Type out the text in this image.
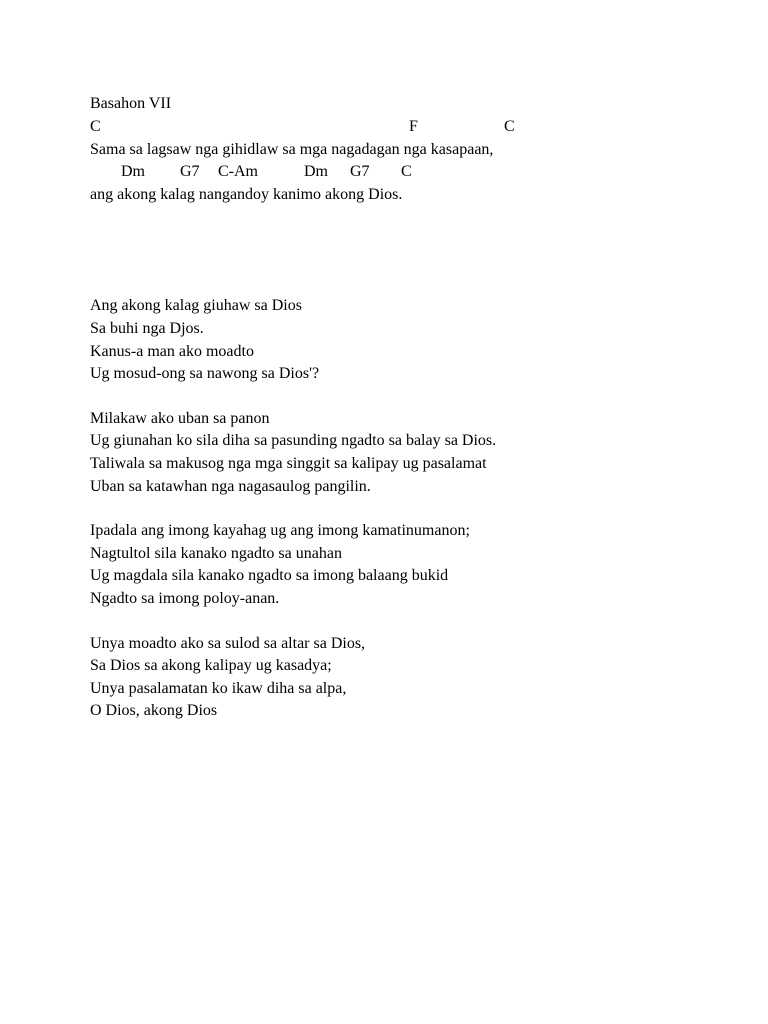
Basahon VII
C	F	C
Sama sa lagsaw nga gihidlaw sa mga nagadagan nga kasapaan,
Dm G7 C-Am	Dm G7 C
ang akong kalag nangandoy kanimo akong Dios.
Ang akong kalag giuhaw sa Dios
Sa buhi nga Djos.
Kanus-a man ako moadto
Ug mosud-ong sa nawong sa Dios'?
Milakaw ako uban sa panon
Ug giunahan ko sila diha sa pasunding ngadto sa balay sa Dios.
Taliwala sa makusog nga mga singgit sa kalipay ug pasalamat
Uban sa katawhan nga nagasaulog pangilin.
Ipadala ang imong kayahag ug ang imong kamatinumanon;
Nagtultol sila kanako ngadto sa unahan
Ug magdala sila kanako ngadto sa imong balaang bukid
Ngadto sa imong poloy-anan.
Unya moadto ako sa sulod sa altar sa Dios,
Sa Dios sa akong kalipay ug kasadya;
Unya pasalamatan ko ikaw diha sa alpa,
O Dios, akong Dios
